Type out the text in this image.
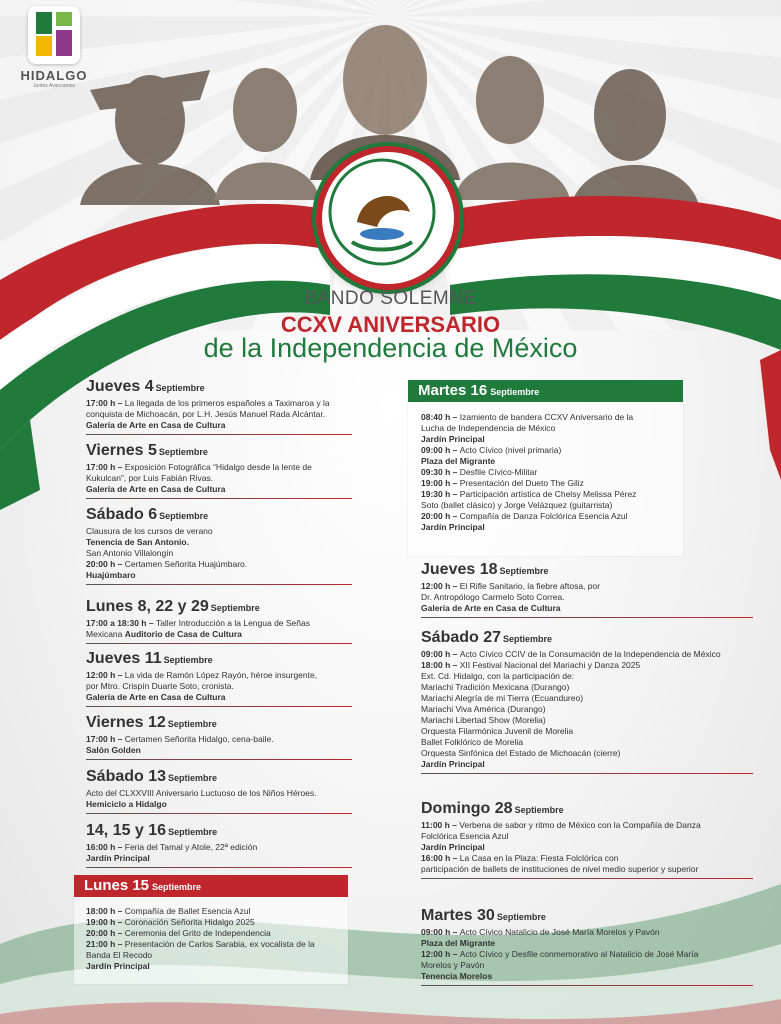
HIDALGO
Juntos Avanzamos
BANDO SOLEMNE
CCXV ANIVERSARIO
de la Independencia de México
Jueves 4 Septiembre
17:00 h – La llegada de los primeros españoles a Taximaroa y la
conquista de Michoacán, por L.H. Jesús Manuel Rada Alcántar.
Galería de Arte en Casa de Cultura
Viernes 5 Septiembre
17:00 h – Exposición Fotográfica “Hidalgo desde la lente de
Kukulcan”, por Luis Fabián Rivas.
Galería de Arte en Casa de Cultura
Sábado 6 Septiembre
Clausura de los cursos de verano
Tenencia de San Antonio.
San Antonio Villalongín
20:00 h – Certamen Señorita Huajúmbaro.
Huajúmbaro
Lunes 8, 22 y 29 Septiembre
17:00 a 18:30 h – Taller Introducción a la Lengua de Señas
Mexicana Auditorio de Casa de Cultura
Jueves 11 Septiembre
12:00 h – La vida de Ramón López Rayón, héroe insurgente,
por Mtro. Crispín Duarte Soto, cronista.
Galería de Arte en Casa de Cultura
Viernes 12 Septiembre
17:00 h – Certamen Señorita Hidalgo, cena-baile.
Salón Golden
Sábado 13 Septiembre
Acto del CLXXVIII Aniversario Luctuoso de los Niños Héroes.
Hemiciclo a Hidalgo
14, 15 y 16 Septiembre
16:00 h – Feria del Tamal y Atole, 22ª edición
Jardín Principal
Lunes 15 Septiembre
18:00 h – Compañía de Ballet Esencia Azul
19:00 h – Coronación Señorita Hidalgo 2025
20:00 h – Ceremonia del Grito de Independencia
21:00 h – Presentación de Carlos Sarabia, ex vocalista de la
Banda El Recodo
Jardín Principal
Martes 16 Septiembre
08:40 h – Izamiento de bandera CCXV Aniversario de la
Lucha de Independencia de México
Jardín Principal
09:00 h – Acto Cívico (nivel primaria)
Plaza del Migrante
09:30 h – Desfile Cívico-Militar
19:00 h – Presentación del Dueto The Giliz
19:30 h – Participación artística de Chelsy Melissa Pérez
Soto (ballet clásico) y Jorge Velázquez (guitarrista)
20:00 h – Compañía de Danza Folclórica Esencia Azul
Jardín Principal
Jueves 18 Septiembre
12:00 h – El Rifle Sanitario, la fiebre aftosa, por
Dr. Antropólogo Carmelo Soto Correa.
Galería de Arte en Casa de Cultura
Sábado 27 Septiembre
09:00 h – Acto Cívico CCIV de la Consumación de la Independencia de México
18:00 h – XII Festival Nacional del Mariachi y Danza 2025
Ext. Cd. Hidalgo, con la participación de:
Mariachi Tradición Mexicana (Durango)
Mariachi Alegría de mi Tierra (Ecuandureo)
Mariachi Viva América (Durango)
Mariachi Libertad Show (Morelia)
Orquesta Filarmónica Juvenil de Morelia
Ballet Folklórico de Morelia
Orquesta Sinfónica del Estado de Michoacán (cierre)
Jardín Principal
Domingo 28 Septiembre
11:00 h – Verbena de sabor y ritmo de México con la Compañía de Danza
Folclórica Esencia Azul
Jardín Principal
16:00 h – La Casa en la Plaza: Fiesta Folclórica con
participación de ballets de instituciones de nivel medio superior y superior
Martes 30 Septiembre
09:00 h – Acto Cívico Natalicio de José María Morelos y Pavón
Plaza del Migrante
12:00 h – Acto Cívico y Desfile conmemorativo al Natalicio de José María
Morelos y Pavón
Tenencia Morelos
